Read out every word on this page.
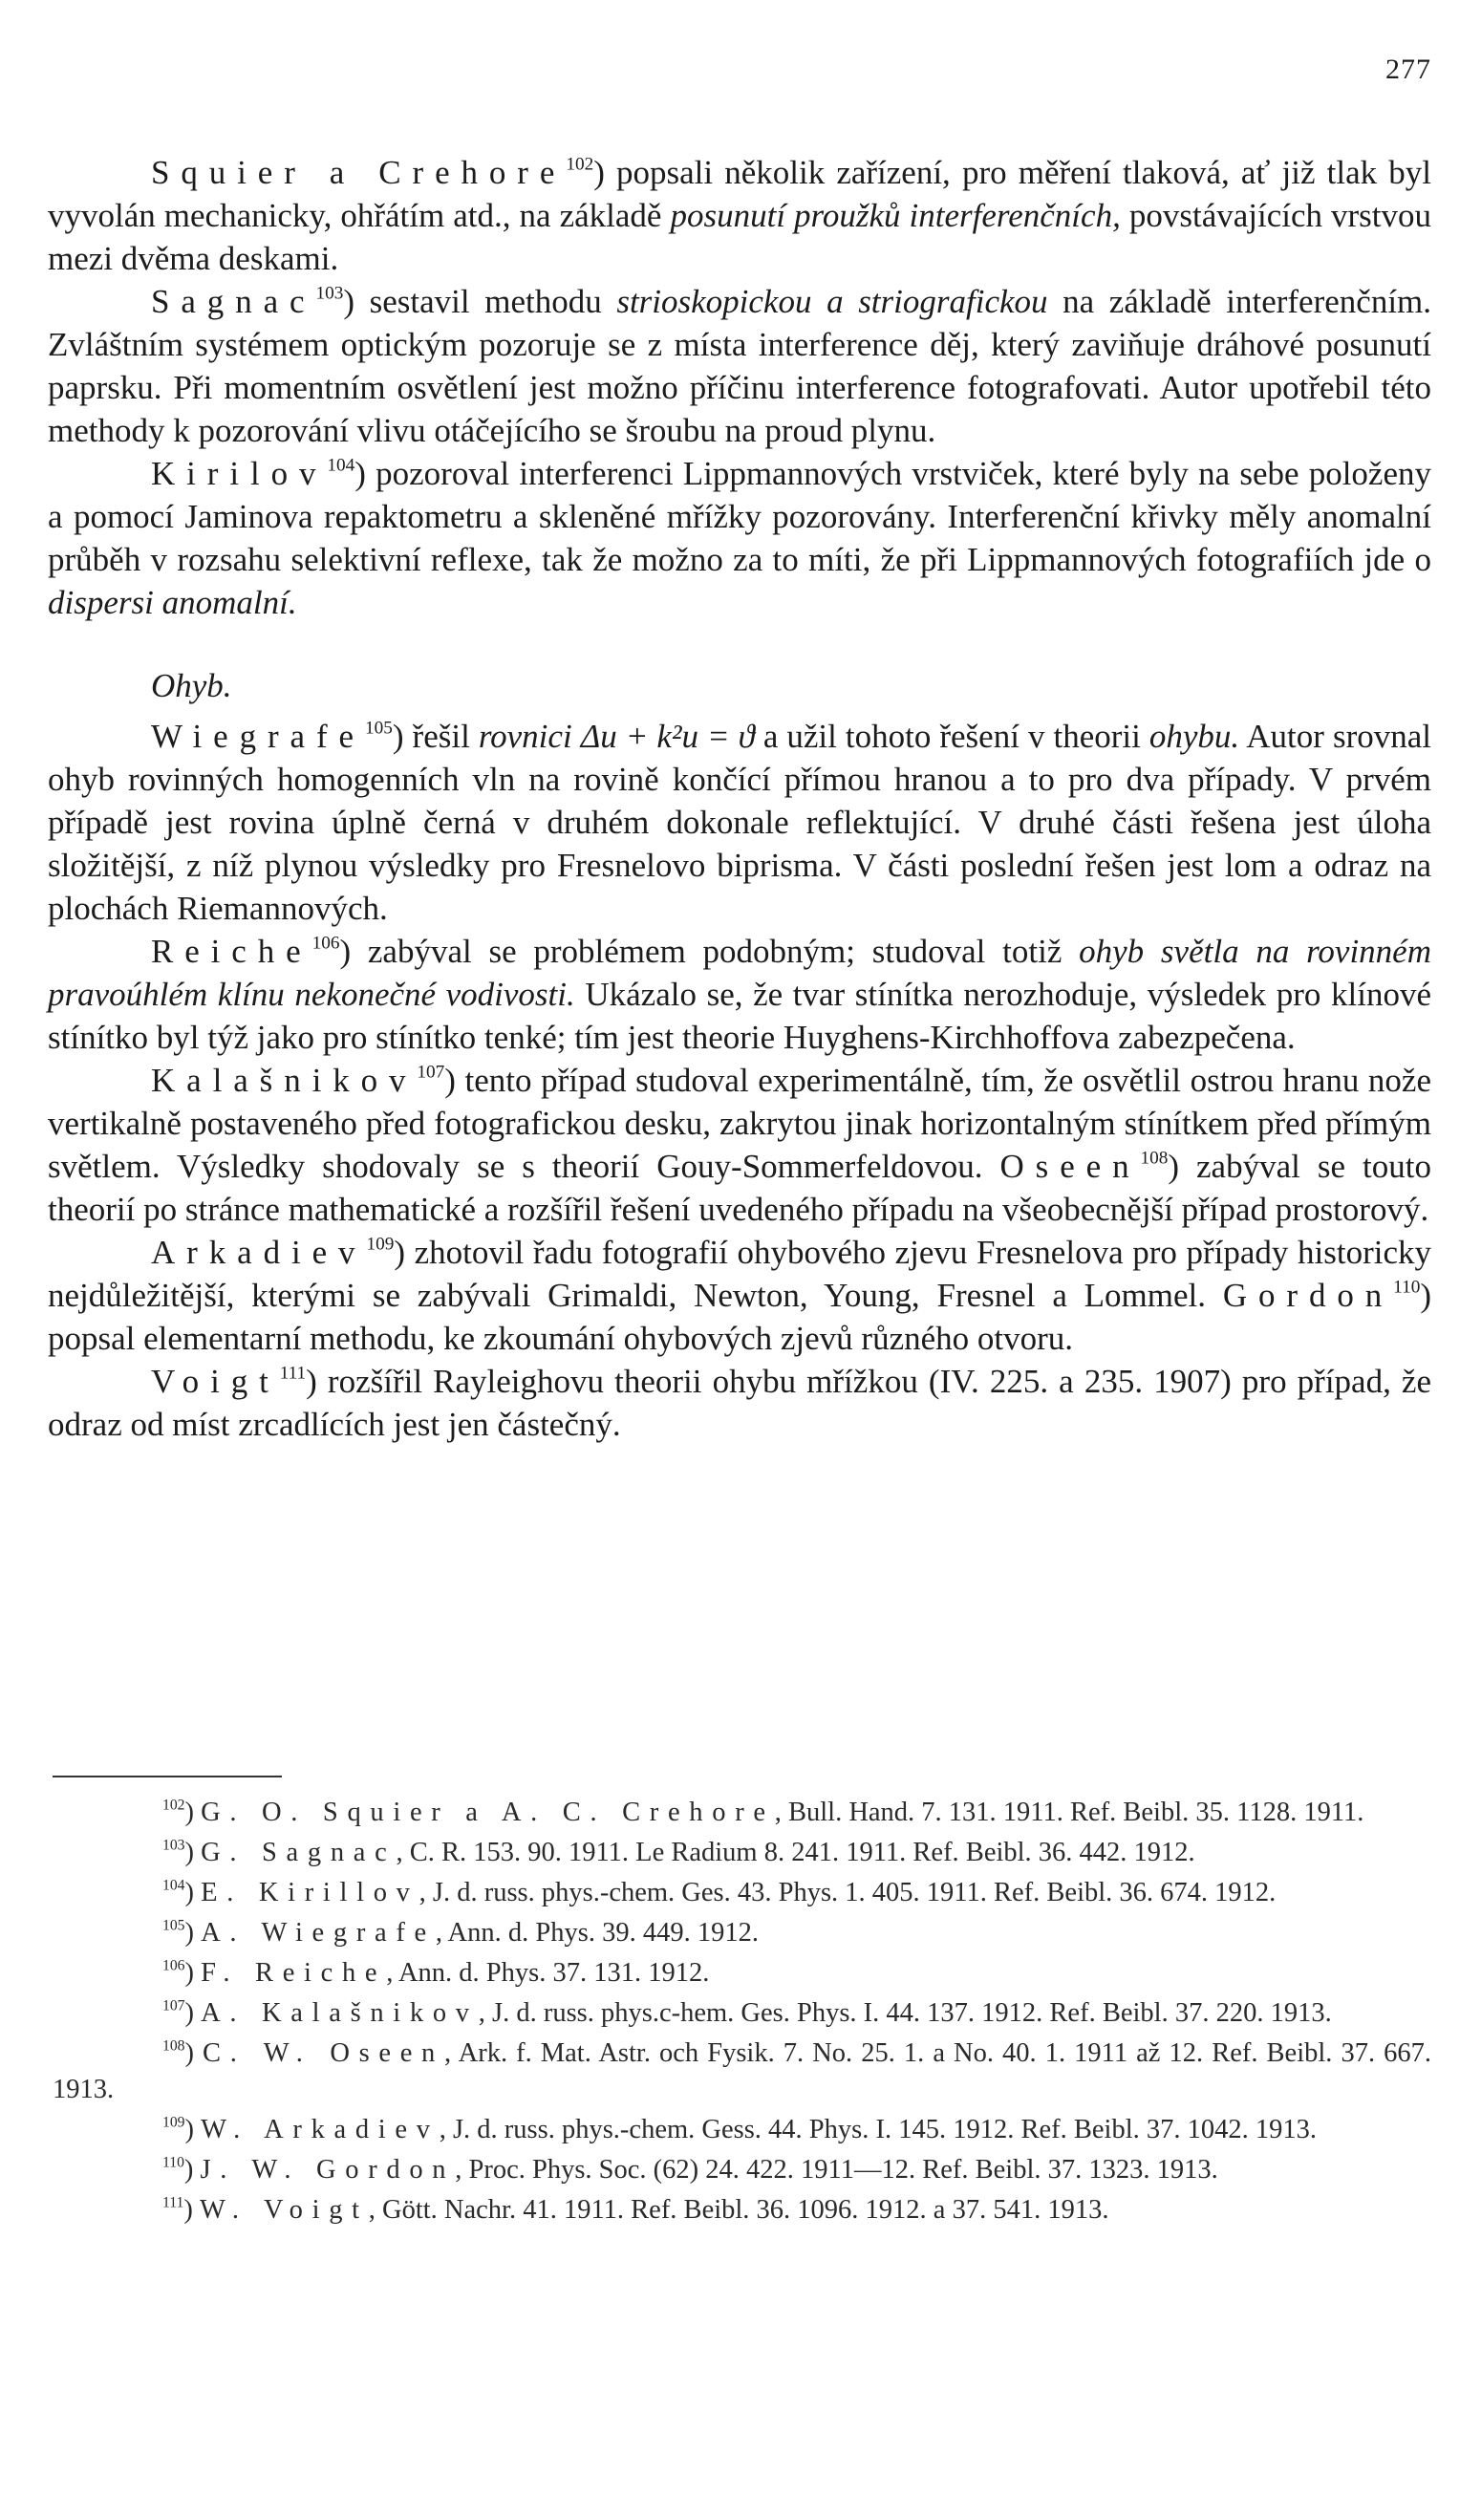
277

Squier a Crehore$^{102}$) popsali několik zařízení, pro měření tlaková, ať již tlak byl vyvolán mechanicky, ohřátím atd., na základě posunutí proužků interferenčních, povstávajících vrstvou mezi dvěma deskami.

Sagnac$^{103}$) sestavil methodu strioskopickou a striografickou na základě interferenčním. Zvláštním systémem optickým pozoruje se z místa interference děj, který zaviňuje dráhové posunutí paprsku. Při momentním osvětlení jest možno příčinu interference fotografovati. Autor upotřebil této methody k pozorování vlivu otáčejícího se šroubu na proud plynu.

Kirilov$^{104}$) pozoroval interferenci Lippmannových vrstviček, které byly na sebe položeny a pomocí Jaminova repaktometru a skleněné mřížky pozorovány. Interferenční křivky měly anomalní průběh v rozsahu selektivní reflexe, tak že možno za to míti, že při Lippmannových fotografiích jde o dispersi anomalní.

Ohyb.

Wiegrafe$^{105}$) řešil rovnici Δu + k²u = ϑ a užil tohoto řešení v theorii ohybu. Autor srovnal ohyb rovinných homogenních vln na rovině končící přímou hranou a to pro dva případy. V prvém případě jest rovina úplně černá v druhém dokonale reflektující. V druhé části řešena jest úloha složitější, z níž plynou výsledky pro Fresnelovo biprisma. V části poslední řešen jest lom a odraz na plochách Riemannových.

Reiche$^{106}$) zabýval se problémem podobným; studoval totiž ohyb světla na rovinném pravoúhlém klínu nekonečné vodivosti. Ukázalo se, že tvar stínítka nerozhoduje, výsledek pro klínové stínítko byl týž jako pro stínítko tenké; tím jest theorie Huyghens-Kirchhoffova zabezpečena.

Kalašnikov$^{107}$) tento případ studoval experimentálně, tím, že osvětlil ostrou hranu nože vertikalně postaveného před fotografickou desku, zakrytou jinak horizontalným stínítkem před přímým světlem. Výsledky shodovaly se s theorií Gouy-Sommerfeldovou. Oseen$^{108}$) zabýval se touto theorií po stránce mathematické a rozšířil řešení uvedeného případu na všeobecnější případ prostorový.

Arkadiev$^{109}$) zhotovil řadu fotografií ohybového zjevu Fresnelova pro případy historicky nejdůležitější, kterými se zabývali Grimaldi, Newton, Young, Fresnel a Lommel. Gordon$^{110}$) popsal elementarní methodu, ke zkoumání ohybových zjevů různého otvoru.

Voigt$^{111}$) rozšířil Rayleighovu theorii ohybu mřížkou (IV. 225. a 235. 1907) pro případ, že odraz od míst zrcadlících jest jen částečný.

$^{102}$) G. O. Squier a A. C. Crehore, Bull. Hand. 7. 131. 1911. Ref. Beibl. 35. 1128. 1911.

$^{103}$) G. Sagnac, C. R. 153. 90. 1911. Le Radium 8. 241. 1911. Ref. Beibl. 36. 442. 1912.

$^{104}$) E. Kirillov, J. d. russ. phys.-chem. Ges. 43. Phys. 1. 405. 1911. Ref. Beibl. 36. 674. 1912.

$^{105}$) A. Wiegrafe, Ann. d. Phys. 39. 449. 1912.

$^{106}$) F. Reiche, Ann. d. Phys. 37. 131. 1912.

$^{107}$) A. Kalašnikov, J. d. russ. phys.c-hem. Ges. Phys. I. 44. 137. 1912. Ref. Beibl. 37. 220. 1913.

$^{108}$) C. W. Oseen, Ark. f. Mat. Astr. och Fysik. 7. No. 25. 1. a No. 40. 1. 1911 až 12. Ref. Beibl. 37. 667. 1913.

$^{109}$) W. Arkadiev, J. d. russ. phys.-chem. Gess. 44. Phys. I. 145. 1912. Ref. Beibl. 37. 1042. 1913.

$^{110}$) J. W. Gordon, Proc. Phys. Soc. (62) 24. 422. 1911—12. Ref. Beibl. 37. 1323. 1913.

$^{111}$) W. Voigt, Gött. Nachr. 41. 1911. Ref. Beibl. 36. 1096. 1912. a 37. 541. 1913.
